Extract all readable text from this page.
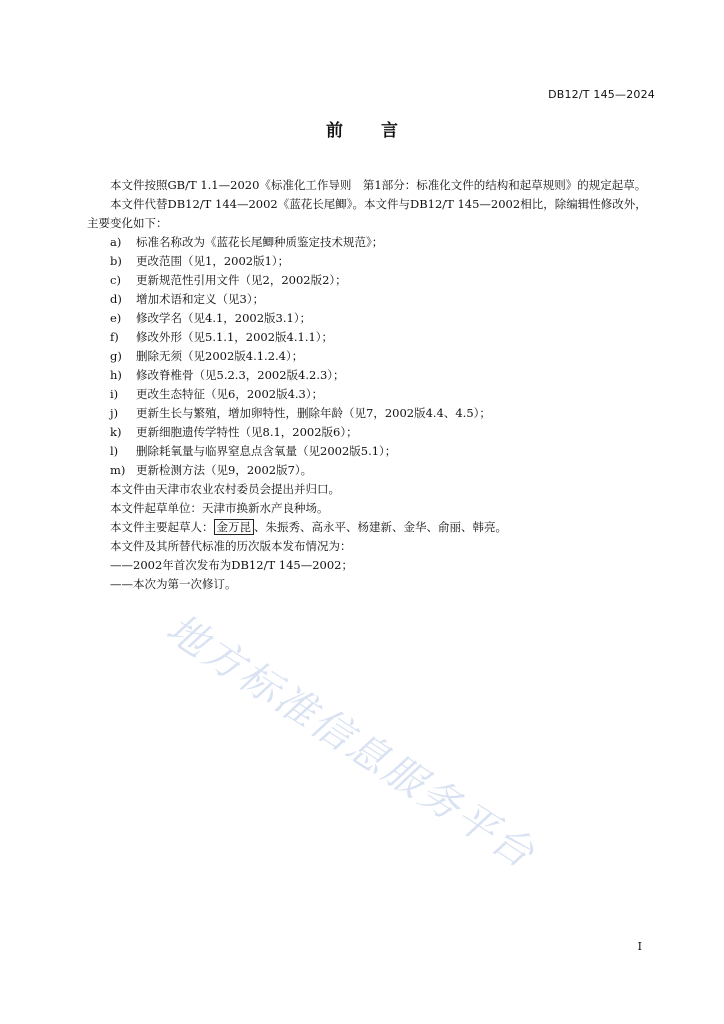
DB12/T 145—2024
前 言

本文件按照GB/T 1.1—2020《标准化工作导则　第1部分：标准化文件的结构和起草规则》的规定起草。

本文件代替DB12/T 144—2002《蓝花长尾鲫》。本文件与DB12/T 145—2002相比，除编辑性修改外，主要变化如下：

a)	标准名称改为《蓝花长尾鲫种质鉴定技术规范》；
b)	更改范围（见1，2002版1）；
c)	更新规范性引用文件（见2，2002版2）；
d)	增加术语和定义（见3）；
e)	修改学名（见4.1，2002版3.1）；
f)	修改外形（见5.1.1，2002版4.1.1）；
g)	删除无须（见2002版4.1.2.4）；
h)	修改脊椎骨（见5.2.3，2002版4.2.3）；
i)	更改生态特征（见6，2002版4.3）；
j)	更新生长与繁殖，增加卵特性，删除年龄（见7，2002版4.4、4.5）；
k)	更新细胞遗传学特性（见8.1，2002版6）；
l)	删除耗氧量与临界窒息点含氧量（见2002版5.1）；
m) 更新检测方法（见9，2002版7）。

本文件由天津市农业农村委员会提出并归口。

本文件起草单位：天津市换新水产良种场。

本文件主要起草人： 金万昆 、朱振秀、高永平、杨建新、金华、俞丽、韩亮。

本文件及其所替代标准的历次版本发布情况为：

——2002年首次发布为DB12/T 145—2002；

——本次为第一次修订。

地方标准信息服务平台
I
